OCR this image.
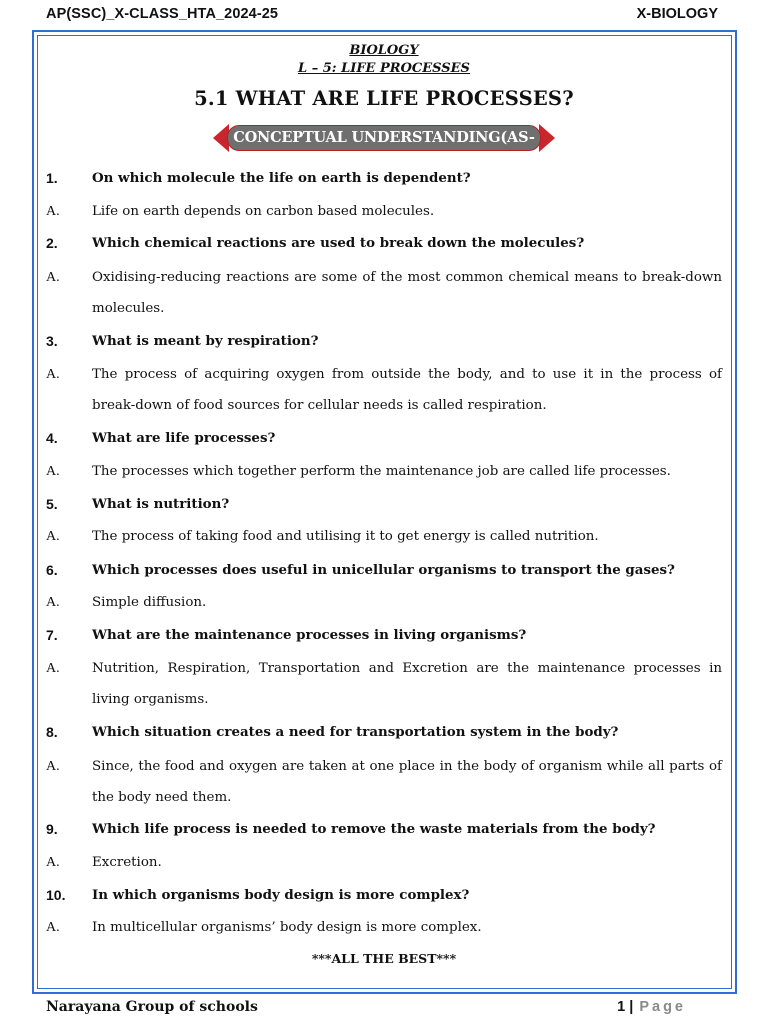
AP(SSC)_X-CLASS_HTA_2024-25	X-BIOLOGY
BIOLOGY
L – 5: LIFE PROCESSES
5.1 WHAT ARE LIFE PROCESSES?
CONCEPTUAL UNDERSTANDING(AS-1)
1.	On which molecule the life on earth is dependent?
A. Life on earth depends on carbon based molecules.
2.	Which chemical reactions are used to break down the molecules?
A. Oxidising-reducing reactions are some of the most common chemical means to break-down molecules.
3.	What is meant by respiration?
A. The process of acquiring oxygen from outside the body, and to use it in the process of break-down of food sources for cellular needs is called respiration.
4.	What are life processes?
A. The processes which together perform the maintenance job are called life processes.
5.	What is nutrition?
A. The process of taking food and utilising it to get energy is called nutrition.
6.	Which processes does useful in unicellular organisms to transport the gases?
A. Simple diffusion.
7.	What are the maintenance processes in living organisms?
A. Nutrition, Respiration, Transportation and Excretion are the maintenance processes in living organisms.
8.	Which situation creates a need for transportation system in the body?
A. Since, the food and oxygen are taken at one place in the body of organism while all parts of the body need them.
9.	Which life process is needed to remove the waste materials from the body?
A. Excretion.
10. In which organisms body design is more complex?
A. In multicellular organisms’ body design is more complex.
***ALL THE BEST***
Narayana Group of schools	1 | Page
